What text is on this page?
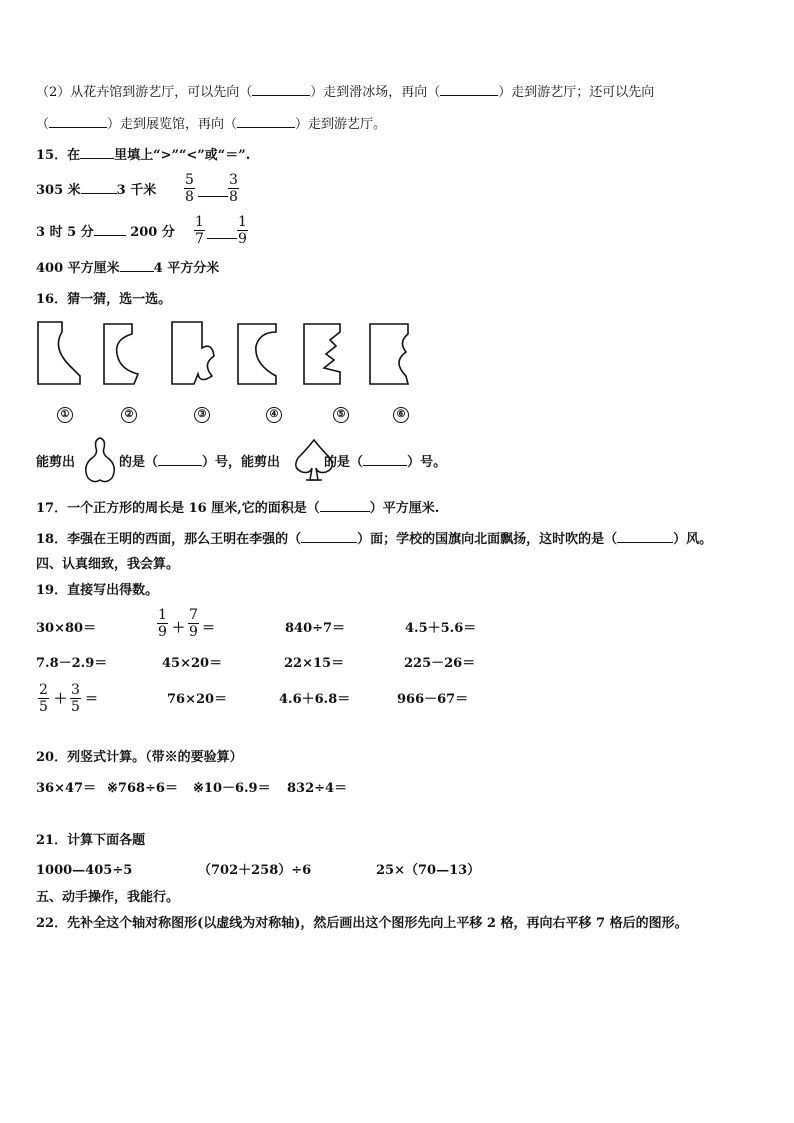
（2）从花卉馆到游艺厅，可以先向（	）走到滑冰场，再向（	）走到游艺厅；还可以先向
（	）走到展览馆，再向（	）走到游艺厅。
15．在	里填上“>”“<”或“＝”.
305 米	3 千米 $\frac{5}{8} \frac{3}{8}$
3 时 5 分	200 分 $\frac{1}{7} \frac{1}{9}$
400 平方厘米	4 平方分米
16．猜一猜，选一选。
①	②	③	④	⑤	⑥
能剪出	的是（	）号，能剪出	的是（	）号。
17．一个正方形的周长是 16 厘米,它的面积是（	）平方厘米.
18．李强在王明的西面，那么王明在李强的（	）面；学校的国旗向北面飘扬，这时吹的是（	）风。
四、认真细致，我会算。
19．直接写出得数。
30×80＝	$\frac{1}{9} + \frac{7}{9}$ ＝	840÷7＝	4.5＋5.6＝
7.8－2.9＝	45×20＝	22×15＝	225－26＝
$\frac{2}{5} + \frac{3}{5}$ ＝	76×20＝	4.6＋6.8＝	966－67＝
20．列竖式计算。（带※的要验算）
36×47＝ ※768÷6＝ ※10－6.9＝ 832÷4＝
21．计算下面各题
1000—405÷5	（702＋258）÷6	25×（70—13）
五、动手操作，我能行。
22．先补全这个轴对称图形(以虚线为对称轴)，然后画出这个图形先向上平移 2 格，再向右平移 7 格后的图形。
